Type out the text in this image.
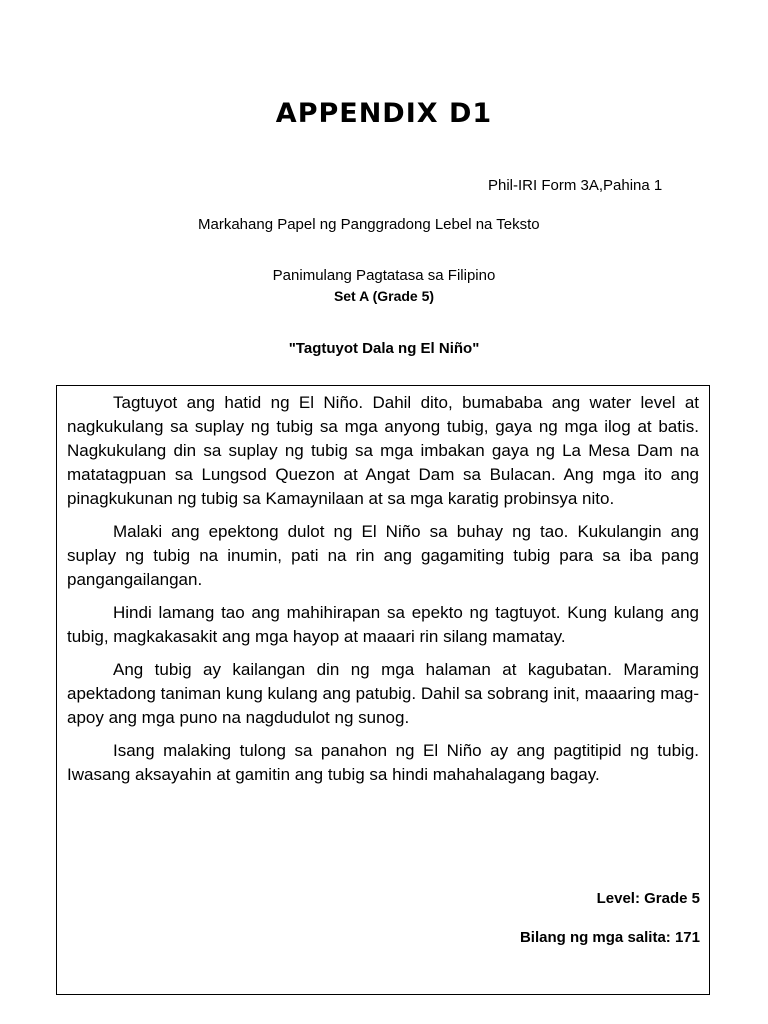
APPENDIX D1
Phil-IRI Form 3A,Pahina 1
Markahang Papel ng Panggradong Lebel na Teksto
Panimulang Pagtatasa sa Filipino
Set A (Grade 5)
"Tagtuyot Dala ng El Niño"

Tagtuyot ang hatid ng El Niño. Dahil dito, bumababa ang water level at nagkukulang sa suplay ng tubig sa mga anyong tubig, gaya ng mga ilog at batis. Nagkukulang din sa suplay ng tubig sa mga imbakan gaya ng La Mesa Dam na matatagpuan sa Lungsod Quezon at Angat Dam sa Bulacan. Ang mga ito ang pinagkukunan ng tubig sa Kamaynilaan at sa mga karatig probinsya nito.

Malaki ang epektong dulot ng El Niño sa buhay ng tao. Kukulangin ang suplay ng tubig na inumin, pati na rin ang gagamiting tubig para sa iba pang pangangailangan.

Hindi lamang tao ang mahihirapan sa epekto ng tagtuyot. Kung kulang ang tubig, magkakasakit ang mga hayop at maaari rin silang mamatay.

Ang tubig ay kailangan din ng mga halaman at kagubatan. Maraming apektadong taniman kung kulang ang patubig. Dahil sa sobrang init, maaaring mag-apoy ang mga puno na nagdudulot ng sunog.

Isang malaking tulong sa panahon ng El Niño ay ang pagtitipid ng tubig. Iwasang aksayahin at gamitin ang tubig sa hindi mahahalagang bagay.

Level: Grade 5
Bilang ng mga salita: 171
